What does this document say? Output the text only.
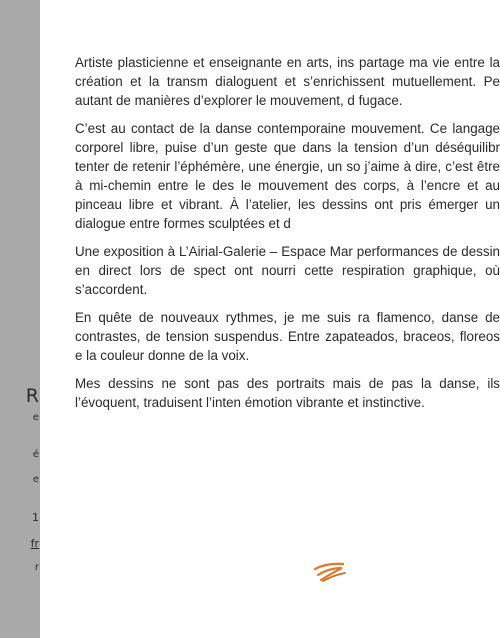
R
e
é
e
1
fr
r

Artiste plasticienne et enseignante en arts, ins partage ma vie entre la création et la transm dialoguent et s’enrichissent mutuellement. Pe autant de manières d’explorer le mouvement, d fugace.

C’est au contact de la danse contemporaine mouvement. Ce langage corporel libre, puise d’un geste que dans la tension d’un déséquilibr tenter de retenir l’éphémère, une énergie, un so j’aime à dire, c’est être à mi-chemin entre le des le mouvement des corps, à l’encre et au pinceau libre et vibrant. À l’atelier, les dessins ont pris émerger un dialogue entre formes sculptées et d

Une exposition à L’Airial-Galerie – Espace Mar performances de dessin en direct lors de spect ont nourri cette respiration graphique, où s’accordent.

En quête de nouveaux rythmes, je me suis ra flamenco, danse de contrastes, de tension suspendus. Entre zapateados, braceos, floreos e la couleur donne de la voix.

Mes dessins ne sont pas des portraits mais de pas la danse, ils l’évoquent, traduisent l’inten émotion vibrante et instinctive.
